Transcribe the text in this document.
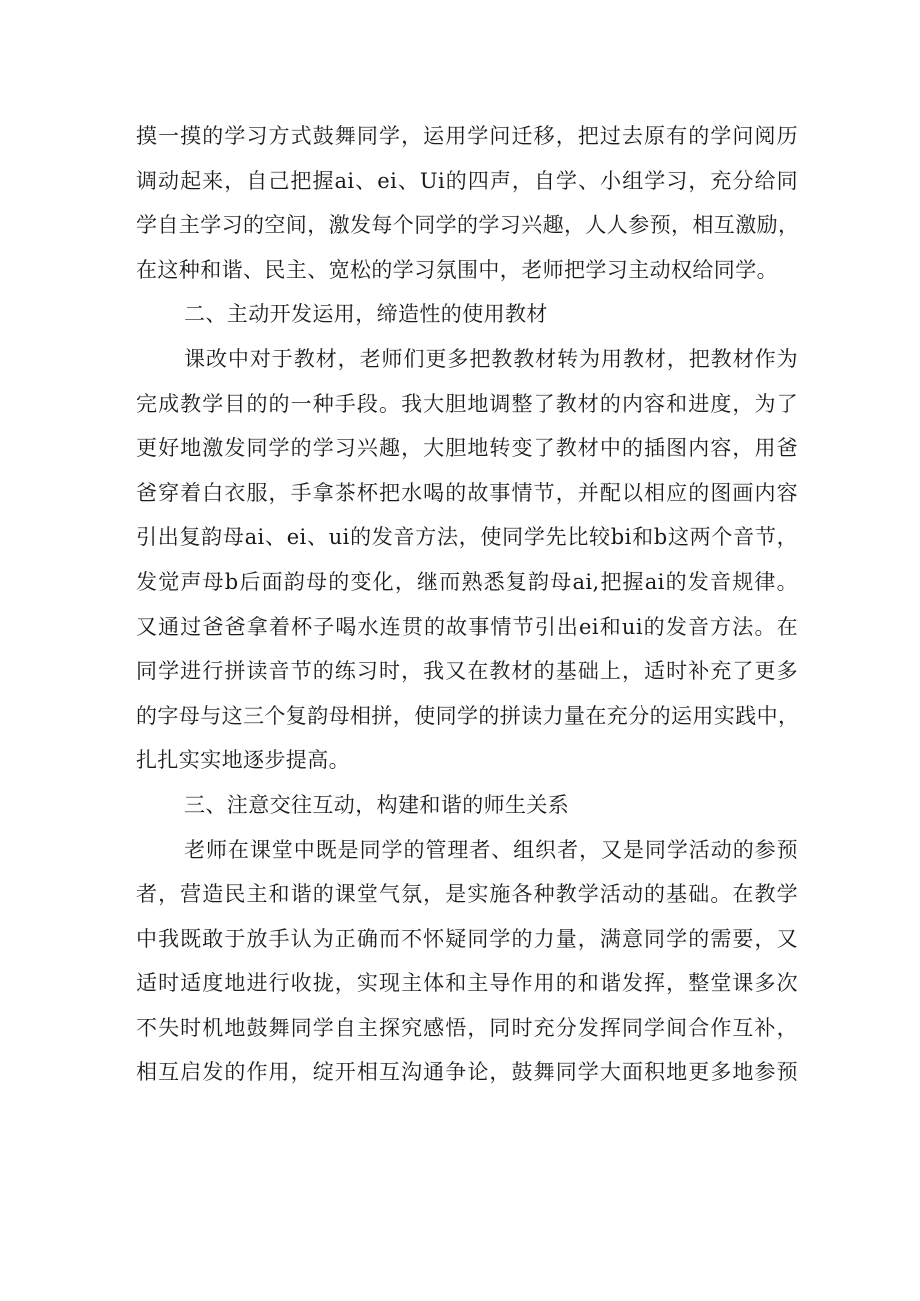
摸一摸的学习方式鼓舞同学，运用学问迁移，把过去原有的学问阅历
调动起来，自己把握ai、ei、Ui的四声，自学、小组学习，充分给同
学自主学习的空间，激发每个同学的学习兴趣，人人参预，相互激励，
在这种和谐、民主、宽松的学习氛围中，老师把学习主动权给同学。
二、主动开发运用，缔造性的使用教材
课改中对于教材，老师们更多把教教材转为用教材，把教材作为
完成教学目的的一种手段。我大胆地调整了教材的内容和进度，为了
更好地激发同学的学习兴趣，大胆地转变了教材中的插图内容，用爸
爸穿着白衣服，手拿茶杯把水喝的故事情节，并配以相应的图画内容
引出复韵母ai、ei、ui的发音方法，使同学先比较bi和b这两个音节，
发觉声母b后面韵母的变化，继而熟悉复韵母ai,把握ai的发音规律。
又通过爸爸拿着杯子喝水连贯的故事情节引出ei和ui的发音方法。在
同学进行拼读音节的练习时，我又在教材的基础上，适时补充了更多
的字母与这三个复韵母相拼，使同学的拼读力量在充分的运用实践中，
扎扎实实地逐步提高。
三、注意交往互动，构建和谐的师生关系
老师在课堂中既是同学的管理者、组织者，又是同学活动的参预
者，营造民主和谐的课堂气氛，是实施各种教学活动的基础。在教学
中我既敢于放手认为正确而不怀疑同学的力量，满意同学的需要，又
适时适度地进行收拢，实现主体和主导作用的和谐发挥，整堂课多次
不失时机地鼓舞同学自主探究感悟，同时充分发挥同学间合作互补，
相互启发的作用，绽开相互沟通争论，鼓舞同学大面积地更多地参预
